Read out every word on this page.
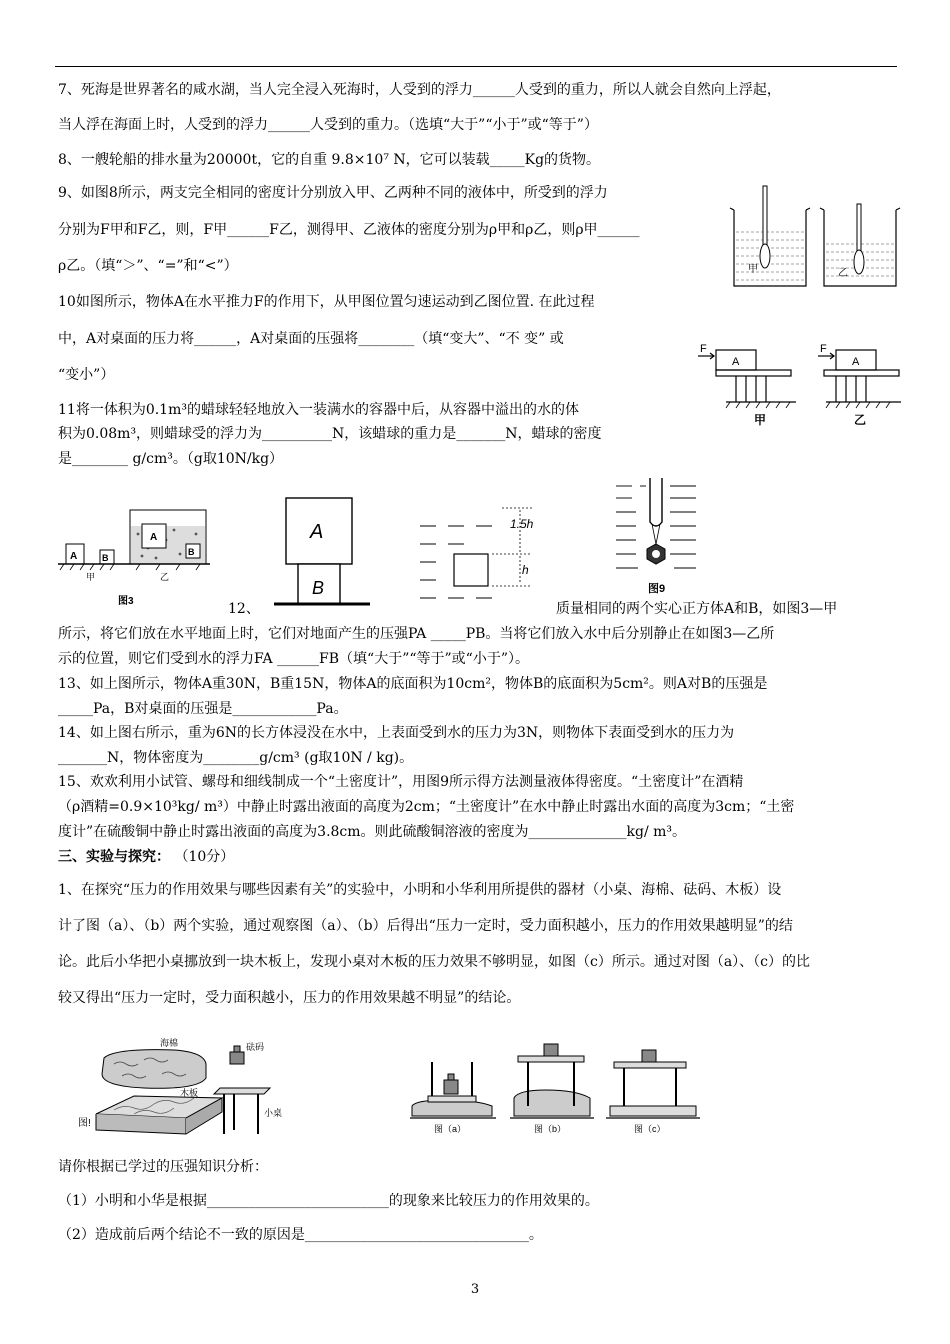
7、死海是世界著名的咸水湖，当人完全浸入死海时，人受到的浮力______人受到的重力，所以人就会自然向上浮起，
当人浮在海面上时，人受到的浮力______人受到的重力。（选填“大于”“小于”或“等于”）
8、一艘轮船的排水量为20000t，它的自重 9.8×10⁷ N，它可以装载_____Kg的货物。
9、如图8所示，两支完全相同的密度计分别放入甲、乙两种不同的液体中，所受到的浮力
分别为F甲和F乙，则，F甲______F乙，测得甲、乙液体的密度分别为ρ甲和ρ乙，则ρ甲______
ρ乙。（填“＞”、“=”和“<”）
10如图所示，物体A在水平推力F的作用下，从甲图位置匀速运动到乙图位置. 在此过程
中，A对桌面的压力将______，A对桌面的压强将________（填“变大”、“不 变” 或
“变小”）
11将一体积为0.1m³的蜡球轻轻地放入一装满水的容器中后，从容器中溢出的水的体
积为0.08m³，则蜡球受的浮力为__________N，该蜡球的重力是_______N，蜡球的密度
是________ g/cm³。（g取10N/kg）
甲	乙
F
A
F
A
甲	乙
A	B
A
B
甲	乙
图3
A
B
1.5h
h
图9
12、	质量相同的两个实心正方体A和B，如图3—甲
所示，将它们放在水平地面上时，它们对地面产生的压强PA _____PB。当将它们放入水中后分别静止在如图3—乙所
示的位置，则它们受到水的浮力FA ______FB（填“大于”“等于”或“小于”）。
13、如上图所示，物体A重30N，B重15N，物体A的底面积为10cm²，物体B的底面积为5cm²。则A对B的压强是
_____Pa，B对桌面的压强是____________Pa。
14、如上图右所示，重为6N的长方体浸没在水中，上表面受到水的压力为3N，则物体下表面受到水的压力为
_______N，物体密度为________g/cm³ (g取10N / kg)。
15、欢欢利用小试管、螺母和细线制成一个“土密度计”，用图9所示得方法测量液体得密度。“土密度计”在酒精
（ρ酒精=0.9×10³kg/ m³）中静止时露出液面的高度为2cm；“土密度计”在水中静止时露出水面的高度为3cm；“土密
度计”在硫酸铜中静止时露出液面的高度为3.8cm。则此硫酸铜溶液的密度为______________kg/ m³。
三、实验与探究： （10分）
1、在探究“压力的作用效果与哪些因素有关”的实验中，小明和小华利用所提供的器材（小桌、海棉、砝码、木板）设
计了图（a）、（b）两个实验，通过观察图（a）、（b）后得出“压力一定时，受力面积越小，压力的作用效果越明显”的结
论。此后小华把小桌挪放到一块木板上，发现小桌对木板的压力效果不够明显，如图（c）所示。通过对图（a）、（c）的比
较又得出“压力一定时，受力面积越小，压力的作用效果越不明显”的结论。
海棉
木板
砝码
小桌
图!	图（a）	图（b）	图（c）
请你根据已学过的压强知识分析：
（1）小明和小华是根据__________________________的现象来比较压力的作用效果的。
（2）造成前后两个结论不一致的原因是________________________________。
3
